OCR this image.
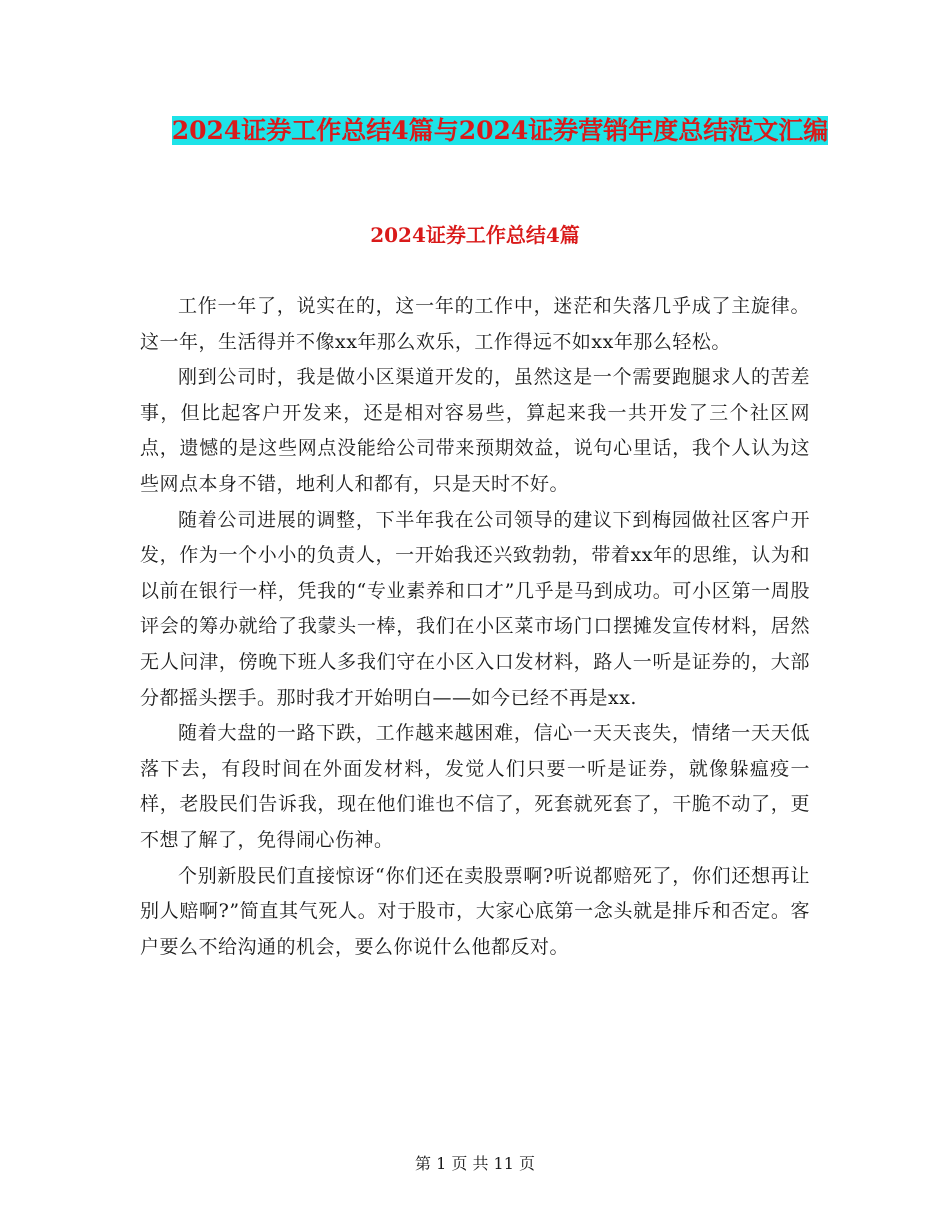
2024证券工作总结4篇与2024证券营销年度总结范文汇编
2024证券工作总结4篇

工作一年了，说实在的，这一年的工作中，迷茫和失落几乎成了主旋律。这一年，生活得并不像xx年那么欢乐，工作得远不如xx年那么轻松。

刚到公司时，我是做小区渠道开发的，虽然这是一个需要跑腿求人的苦差事，但比起客户开发来，还是相对容易些，算起来我一共开发了三个社区网点，遗憾的是这些网点没能给公司带来预期效益，说句心里话，我个人认为这些网点本身不错，地利人和都有，只是天时不好。

随着公司进展的调整，下半年我在公司领导的建议下到梅园做社区客户开发，作为一个小小的负责人，一开始我还兴致勃勃，带着xx年的思维，认为和以前在银行一样，凭我的“专业素养和口才”几乎是马到成功。可小区第一周股评会的筹办就给了我蒙头一棒，我们在小区菜市场门口摆摊发宣传材料，居然无人问津，傍晚下班人多我们守在小区入口发材料，路人一听是证券的，大部分都摇头摆手。那时我才开始明白——如今已经不再是xx.

随着大盘的一路下跌，工作越来越困难，信心一天天丧失，情绪一天天低落下去，有段时间在外面发材料，发觉人们只要一听是证券，就像躲瘟疫一样，老股民们告诉我，现在他们谁也不信了，死套就死套了，干脆不动了，更不想了解了，免得闹心伤神。

个别新股民们直接惊讶“你们还在卖股票啊?听说都赔死了，你们还想再让别人赔啊?”简直其气死人。对于股市，大家心底第一念头就是排斥和否定。客户要么不给沟通的机会，要么你说什么他都反对。

第 1 页 共 11 页
